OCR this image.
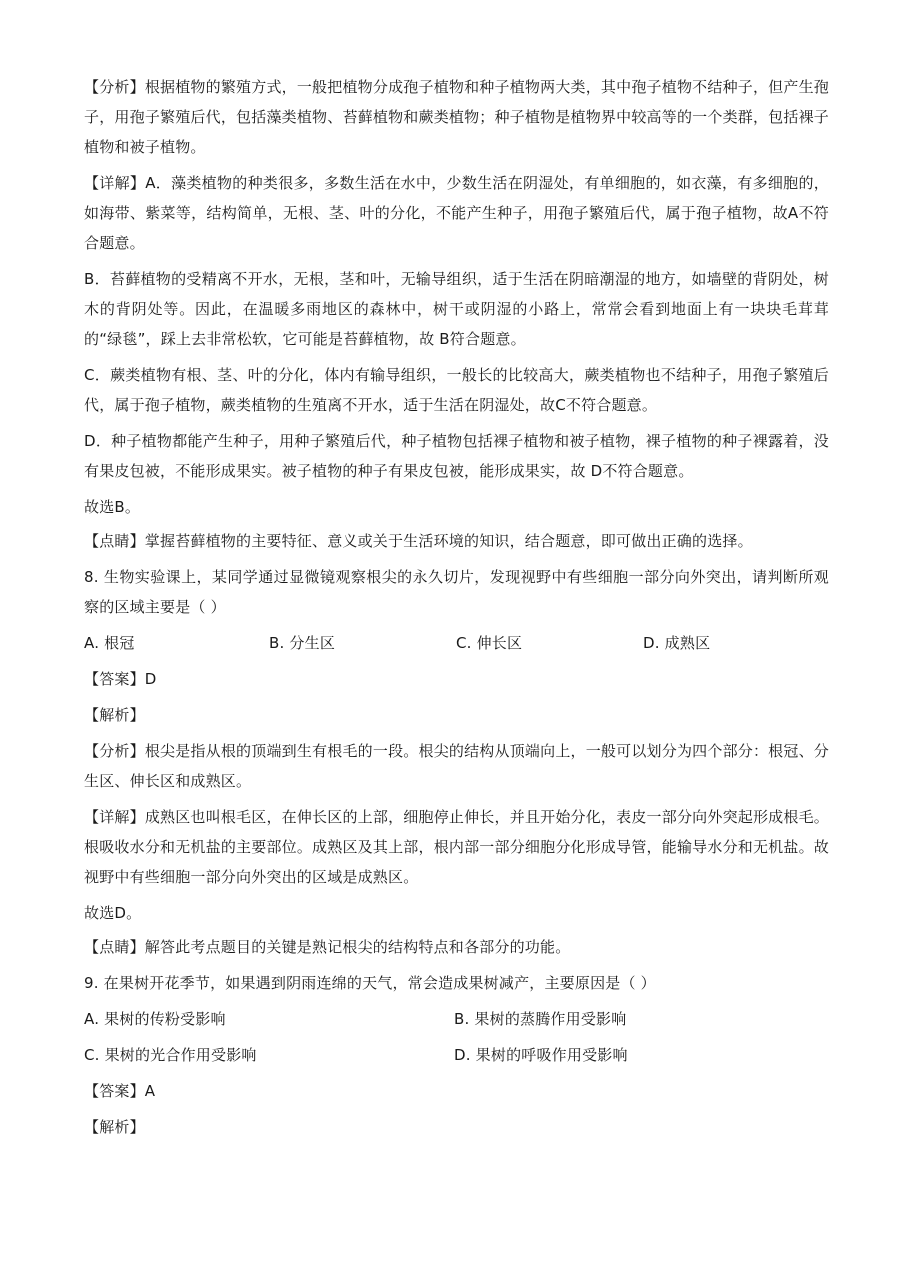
【分析】根据植物的繁殖方式，一般把植物分成孢子植物和种子植物两大类，其中孢子植物不结种子，但产生孢子，用孢子繁殖后代，包括藻类植物、苔藓植物和蕨类植物；种子植物是植物界中较高等的一个类群，包括裸子植物和被子植物。

【详解】A．藻类植物的种类很多，多数生活在水中，少数生活在阴湿处，有单细胞的，如衣藻，有多细胞的，如海带、紫菜等，结构简单，无根、茎、叶的分化，不能产生种子，用孢子繁殖后代，属于孢子植物，故A不符合题意。

B．苔藓植物的受精离不开水，无根，茎和叶，无输导组织，适于生活在阴暗潮湿的地方，如墙壁的背阴处，树木的背阴处等。因此，在温暖多雨地区的森林中，树干或阴湿的小路上，常常会看到地面上有一块块毛茸茸的“绿毯”，踩上去非常松软，它可能是苔藓植物，故 B符合题意。

C．蕨类植物有根、茎、叶的分化，体内有输导组织，一般长的比较高大，蕨类植物也不结种子，用孢子繁殖后代，属于孢子植物，蕨类植物的生殖离不开水，适于生活在阴湿处，故C不符合题意。

D．种子植物都能产生种子，用种子繁殖后代，种子植物包括裸子植物和被子植物，裸子植物的种子裸露着，没有果皮包被，不能形成果实。被子植物的种子有果皮包被，能形成果实，故 D不符合题意。

故选B。

【点睛】掌握苔藓植物的主要特征、意义或关于生活环境的知识，结合题意，即可做出正确的选择。

8. 生物实验课上，某同学通过显微镜观察根尖的永久切片，发现视野中有些细胞一部分向外突出，请判断所观察的区域主要是（ ）

A. 根冠	B. 分生区	C. 伸长区	D. 成熟区

【答案】D

【解析】

【分析】根尖是指从根的顶端到生有根毛的一段。根尖的结构从顶端向上，一般可以划分为四个部分：根冠、分生区、伸长区和成熟区。

【详解】成熟区也叫根毛区，在伸长区的上部，细胞停止伸长，并且开始分化，表皮一部分向外突起形成根毛。根吸收水分和无机盐的主要部位。成熟区及其上部，根内部一部分细胞分化形成导管，能输导水分和无机盐。故视野中有些细胞一部分向外突出的区域是成熟区。

故选D。

【点睛】解答此考点题目的关键是熟记根尖的结构特点和各部分的功能。

9. 在果树开花季节，如果遇到阴雨连绵的天气，常会造成果树减产，主要原因是（ ）

A. 果树的传粉受影响	B. 果树的蒸腾作用受影响
C. 果树的光合作用受影响	D. 果树的呼吸作用受影响

【答案】A

【解析】
